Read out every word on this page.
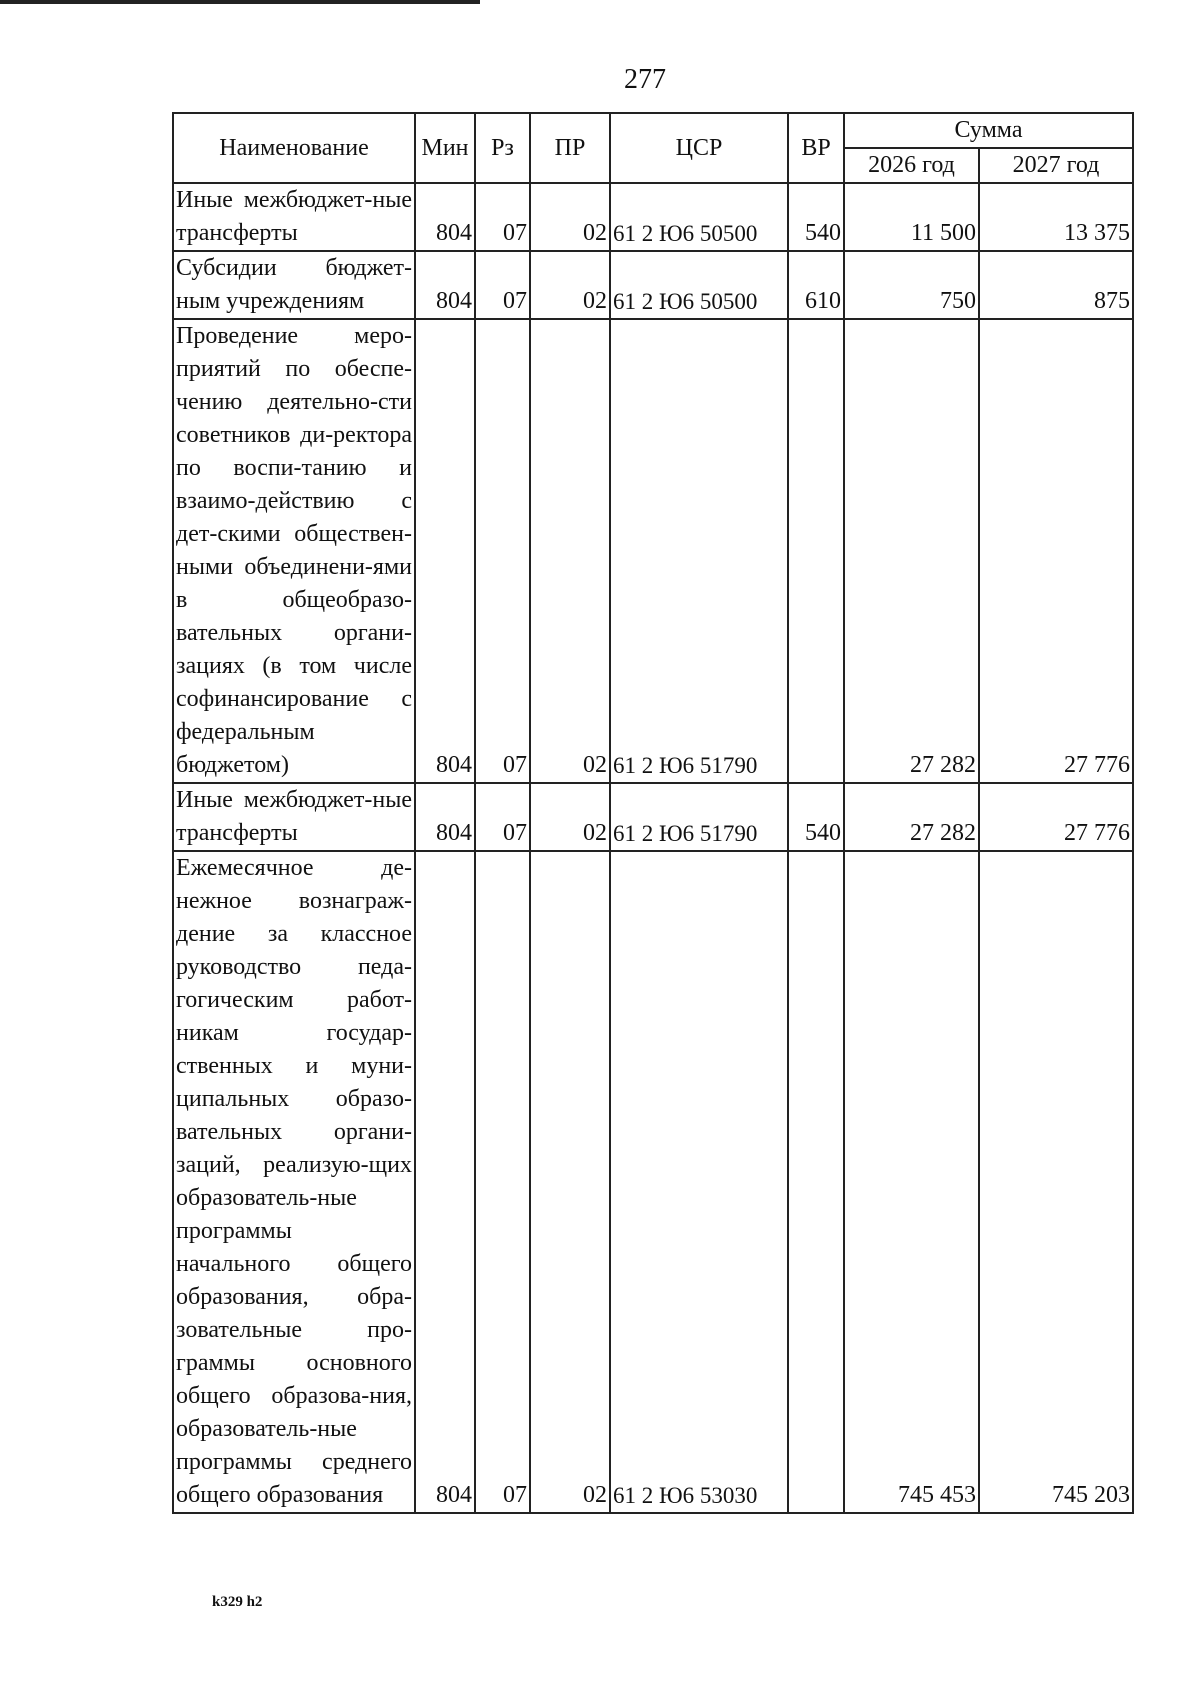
277
Наименование	Мин	Рз	ПР	ЦСР	ВР	Сумма	
						2026 год	2027 год
Иные межбюджет-ные трансферты	804	07	02	61 2 Ю6 50500	540	11 500	13 375
Субсидии бюджет-ным учреждениям	804	07	02	61 2 Ю6 50500	610	750	875
Проведение меро-приятий по обеспе-чению деятельно-сти советников ди-ректора по воспи-танию и взаимо-действию с дет-скими обществен-ными объединени-ями в общеобразо-вательных органи-зациях (в том числе софинансирование с федеральным бюджетом)	804	07	02	61 2 Ю6 51790		27 282	27 776
Иные межбюджет-ные трансферты	804	07	02	61 2 Ю6 51790	540	27 282	27 776
Ежемесячное де-нежное вознаграж-дение за классное руководство педа-гогическим работ-никам государ-ственных и муни-ципальных образо-вательных органи-заций, реализую-щих образователь-ные программы начального общего образования, обра-зовательные про-граммы основного общего образова-ния, образователь-ные программы среднего общего образования	804	07	02	61 2 Ю6 53030		745 453	745 203
k329 h2
